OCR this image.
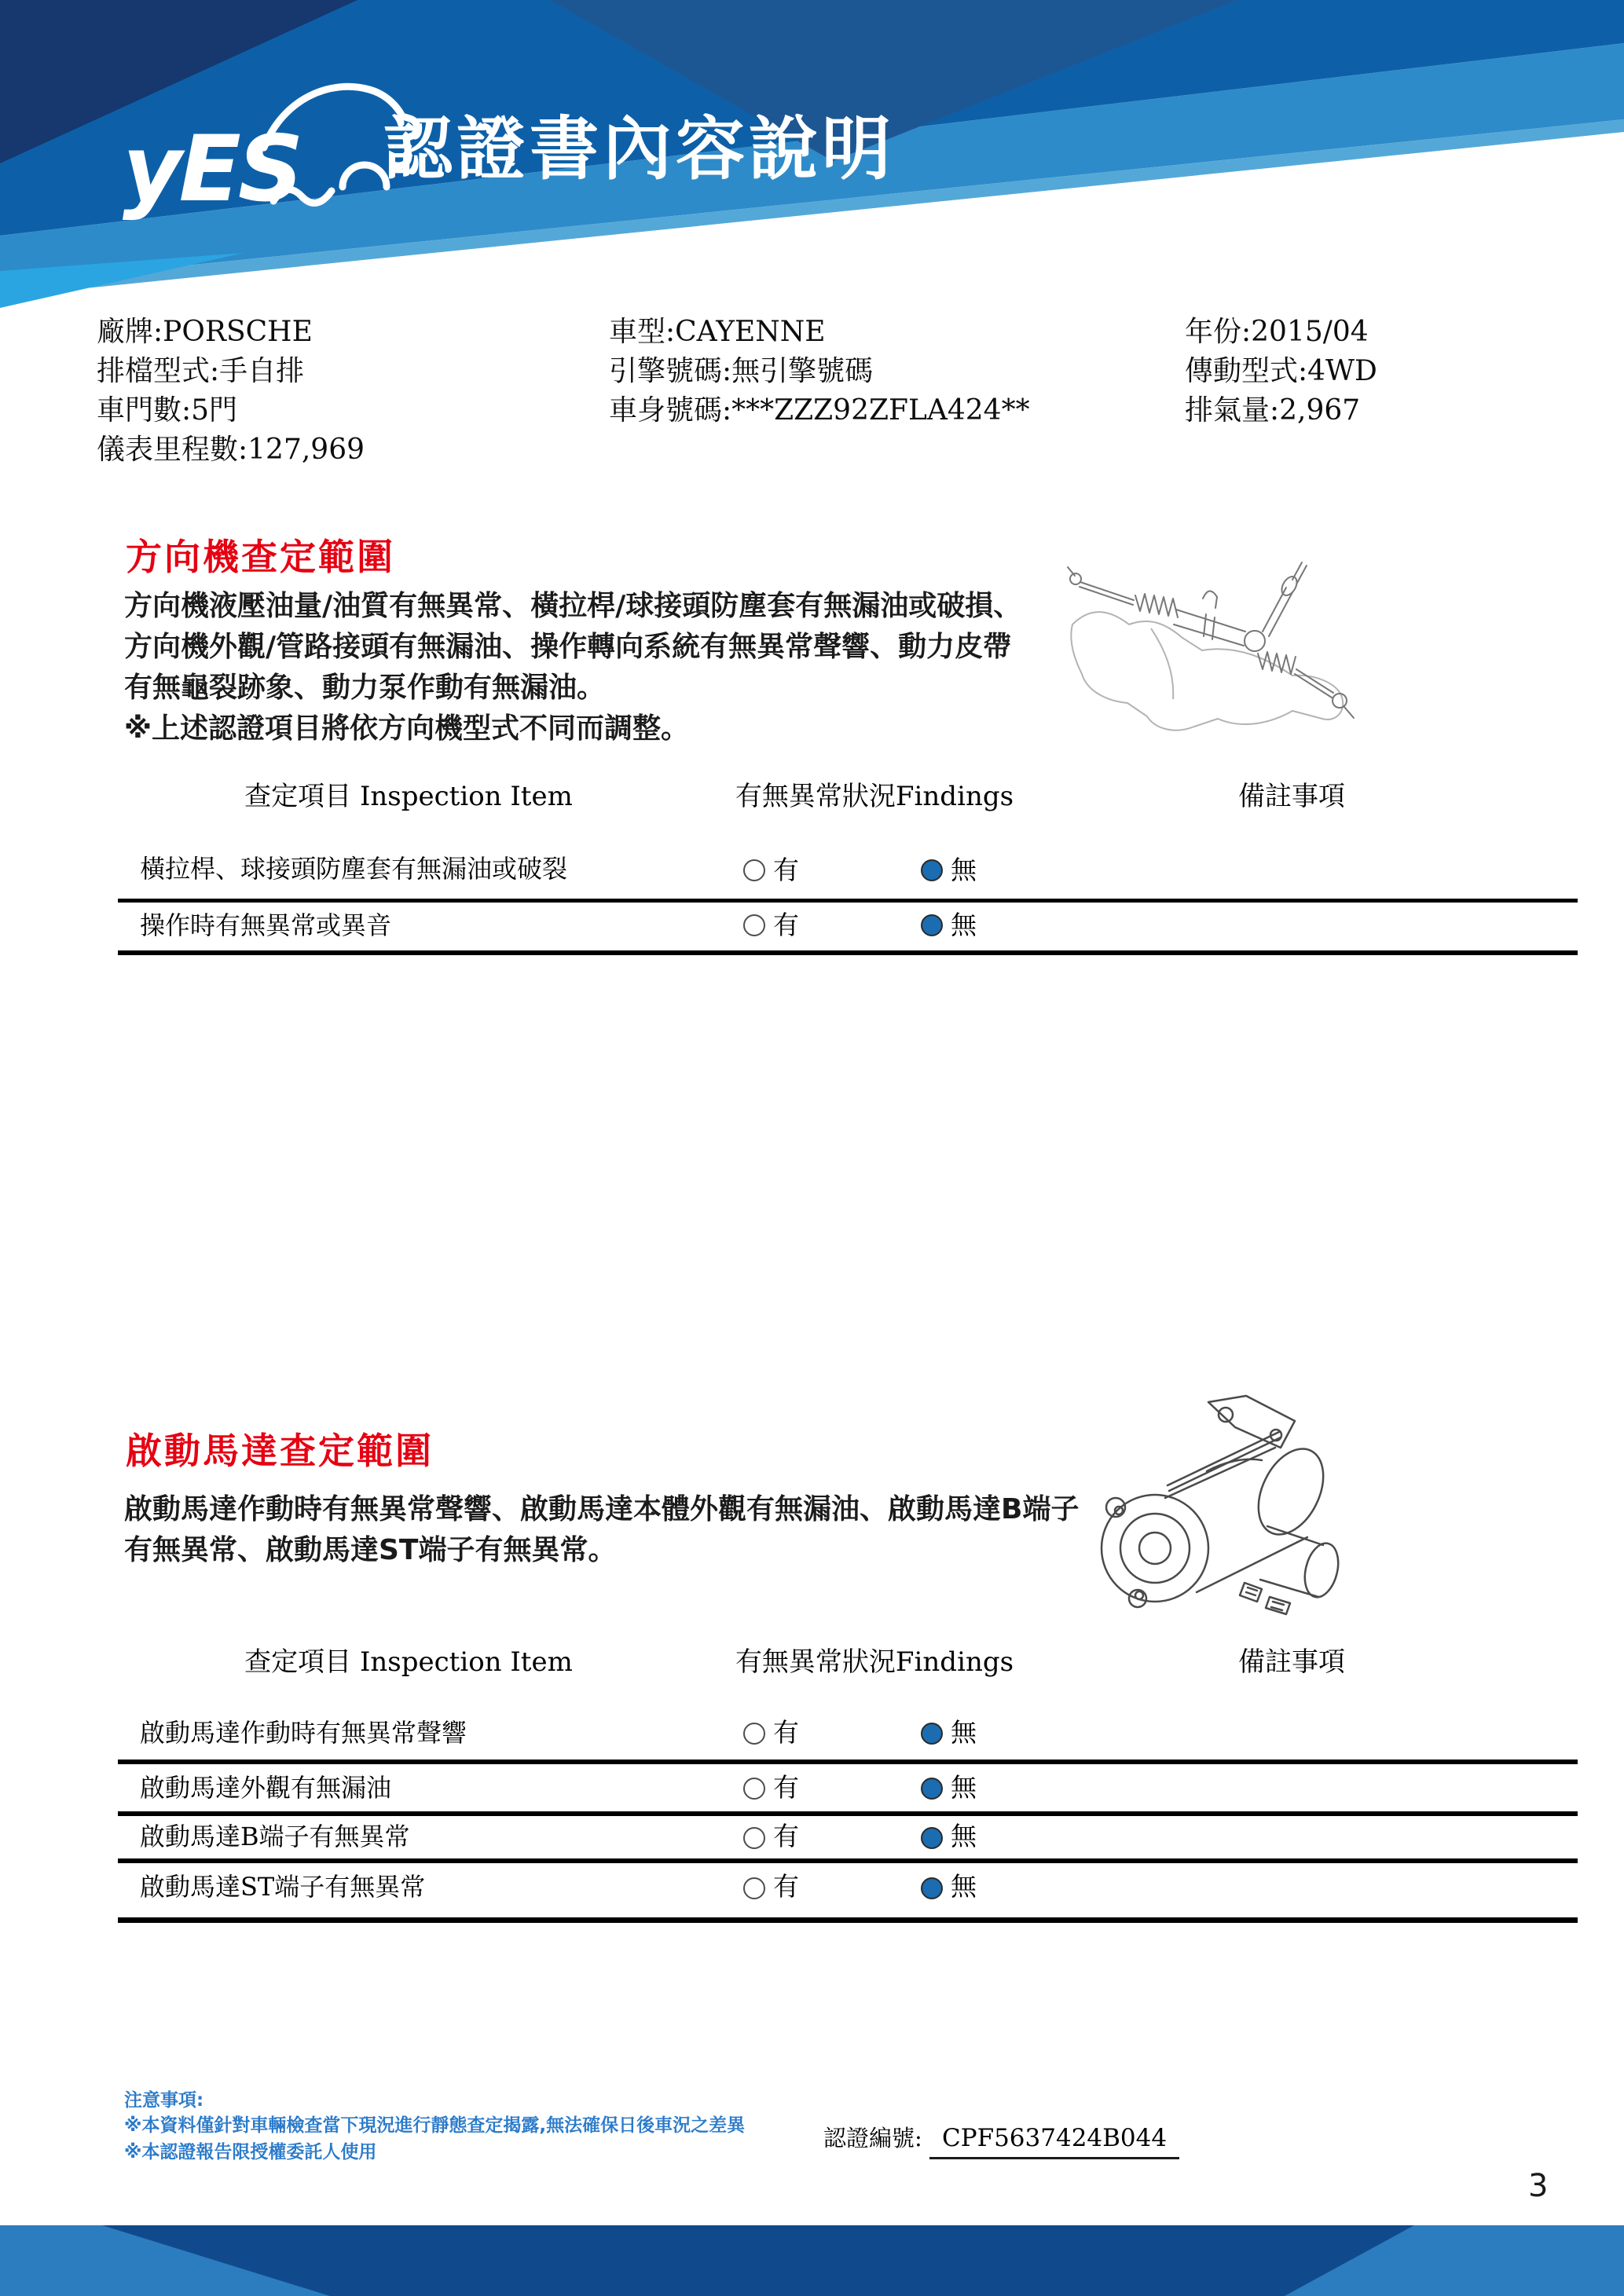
yES 認證書內容說明
廠牌:PORSCHE
排檔型式:手自排
車門數:5門
儀表里程數:127,969
車型:CAYENNE
引擎號碼:無引擎號碼
車身號碼:***ZZZ92ZFLA424**
年份:2015/04
傳動型式:4WD
排氣量:2,967
方向機查定範圍
方向機液壓油量/油質有無異常、橫拉桿/球接頭防塵套有無漏油或破損、
方向機外觀/管路接頭有無漏油、操作轉向系統有無異常聲響、動力皮帶
有無龜裂跡象、動力泵作動有無漏油。
※上述認證項目將依方向機型式不同而調整。
查定項目 Inspection Item	有無異常狀況Findings	備註事項
橫拉桿、球接頭防塵套有無漏油或破裂	有	無
操作時有無異常或異音	有	無
啟動馬達查定範圍
啟動馬達作動時有無異常聲響、啟動馬達本體外觀有無漏油、啟動馬達B端子
有無異常、啟動馬達ST端子有無異常。
查定項目 Inspection Item	有無異常狀況Findings	備註事項
啟動馬達作動時有無異常聲響	有	無
啟動馬達外觀有無漏油	有	無
啟動馬達B端子有無異常	有	無
啟動馬達ST端子有無異常	有	無
注意事項:
※本資料僅針對車輛檢查當下現況進行靜態查定揭露,無法確保日後車況之差異
※本認證報告限授權委託人使用
認證編號: CPF5637424B044
3
